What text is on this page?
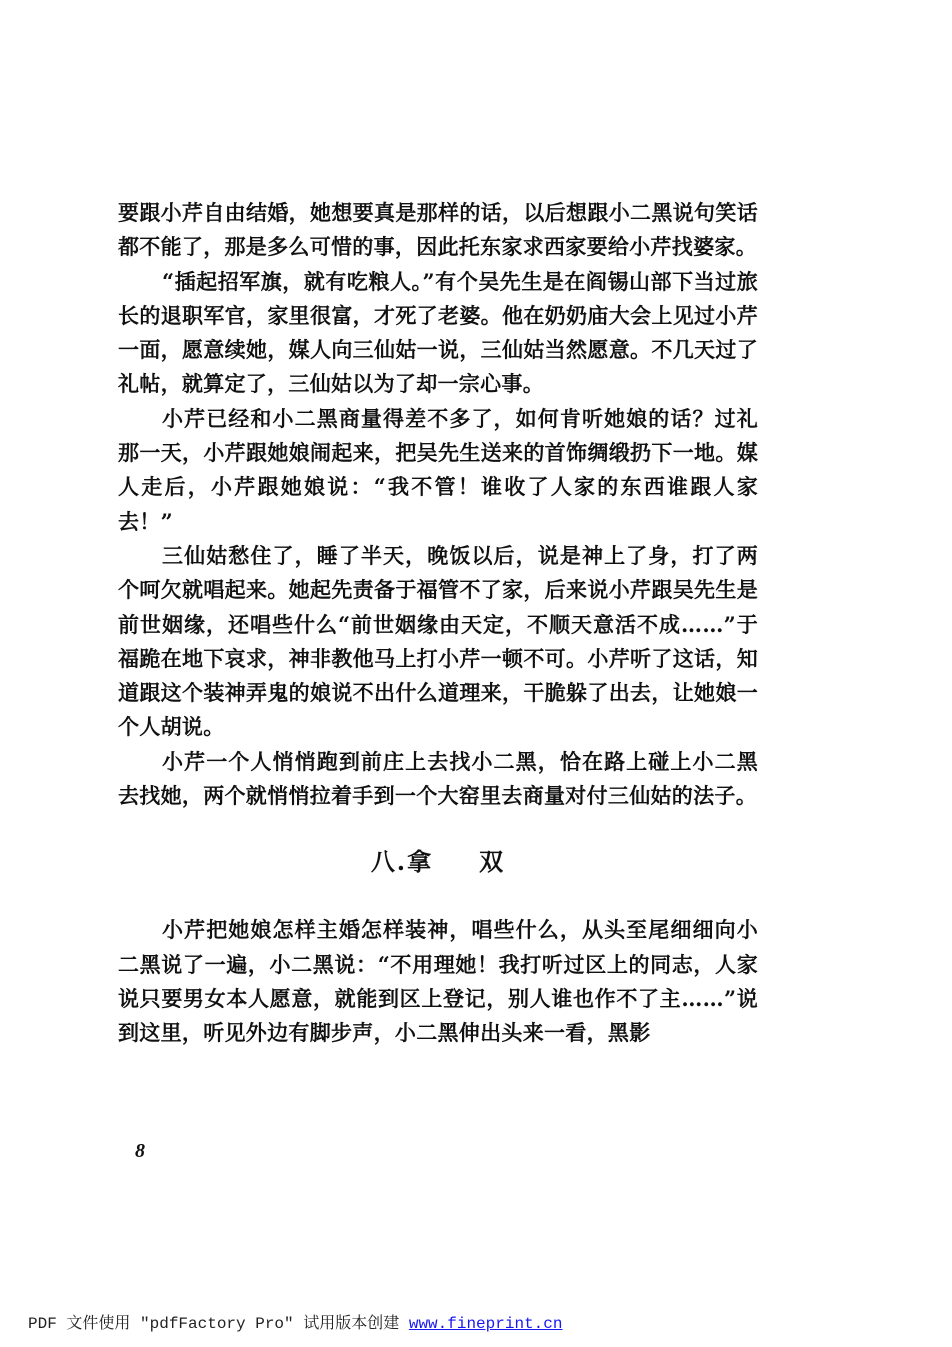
要跟小芹自由结婚，她想要真是那样的话，以后想跟小二黑说句笑话都不能了，那是多么可惜的事，因此托东家求西家要给小芹找婆家。

“插起招军旗，就有吃粮人。”有个吴先生是在阎锡山部下当过旅长的退职军官，家里很富，才死了老婆。他在奶奶庙大会上见过小芹一面，愿意续她，媒人向三仙姑一说，三仙姑当然愿意。不几天过了礼帖，就算定了，三仙姑以为了却一宗心事。

小芹已经和小二黑商量得差不多了，如何肯听她娘的话？过礼那一天，小芹跟她娘闹起来，把吴先生送来的首饰绸缎扔下一地。媒人走后，小芹跟她娘说：“我不管！谁收了人家的东西谁跟人家去！”

三仙姑愁住了，睡了半天，晚饭以后，说是神上了身，打了两个呵欠就唱起来。她起先责备于福管不了家，后来说小芹跟吴先生是前世姻缘，还唱些什么“前世姻缘由天定，不顺天意活不成……”于福跪在地下哀求，神非教他马上打小芹一顿不可。小芹听了这话，知道跟这个装神弄鬼的娘说不出什么道理来，干脆躲了出去，让她娘一个人胡说。

小芹一个人悄悄跑到前庄上去找小二黑，恰在路上碰上小二黑去找她，两个就悄悄拉着手到一个大窑里去商量对付三仙姑的法子。

八.拿 双

小芹把她娘怎样主婚怎样装神，唱些什么，从头至尾细细向小二黑说了一遍，小二黑说：“不用理她！我打听过区上的同志，人家说只要男女本人愿意，就能到区上登记，别人谁也作不了主……”说到这里，听见外边有脚步声，小二黑伸出头来一看，黑影

8
PDF 文件使用 "pdfFactory Pro" 试用版本创建 www.fineprint.cn
